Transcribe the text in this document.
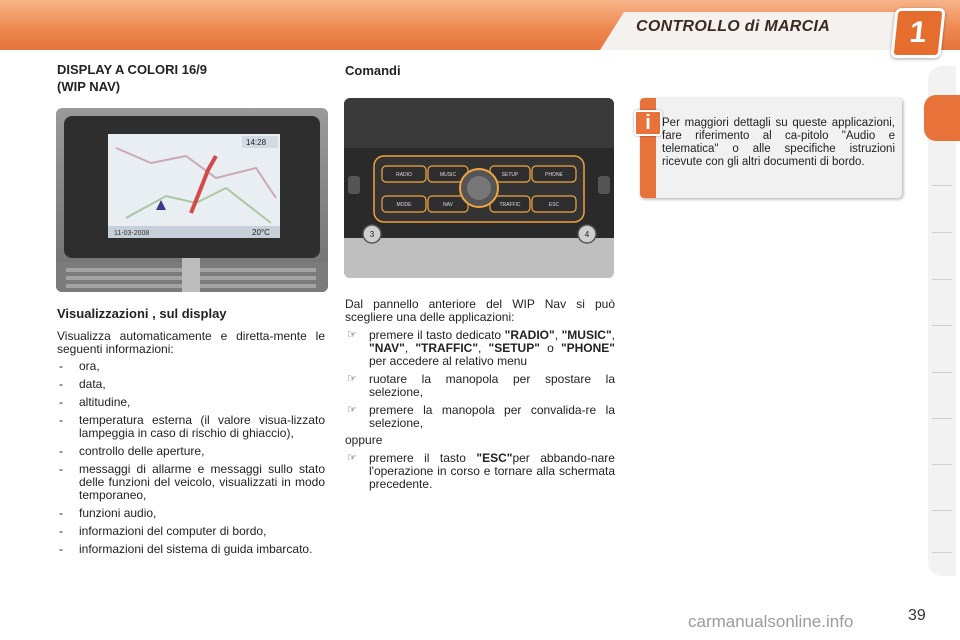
CONTROLLO di MARCIA	1
DISPLAY A COLORI 16/9
(WIP NAV)
11-03-2008	20°C
14:28
Visualizzazioni , sul display
Visualizza automaticamente e diretta-mente le seguenti informazioni:
- ora,
- data,
- altitudine,
- temperatura esterna (il valore visua-lizzato lampeggia in caso di rischio di ghiaccio),
- controllo delle aperture,
- messaggi di allarme e messaggi sullo stato delle funzioni del veicolo, visualizzati in modo temporaneo,
- funzioni audio,
- informazioni del computer di bordo,
- informazioni del sistema di guida imbarcato.
Comandi
RADIO	MUSIC	SETUP	PHONE
MODE	NAV	TRAFFIC	ESC
3	4
Dal pannello anteriore del WIP Nav si può scegliere una delle applicazioni:
☞ premere il tasto dedicato "RADIO", "MUSIC", "NAV", "TRAFFIC", "SETUP" o "PHONE" per accedere al relativo menu
☞ ruotare la manopola per spostare la selezione,
☞ premere la manopola per convalida-re la selezione,
oppure
☞ premere il tasto "ESC"per abbando-nare l'operazione in corso e tornare alla schermata precedente.
i Per maggiori dettagli su queste applicazioni, fare riferimento al ca-pitolo "Audio e telematica" o alle specifiche istruzioni ricevute con gli altri documenti di bordo.
carmanualsonline.info	39
